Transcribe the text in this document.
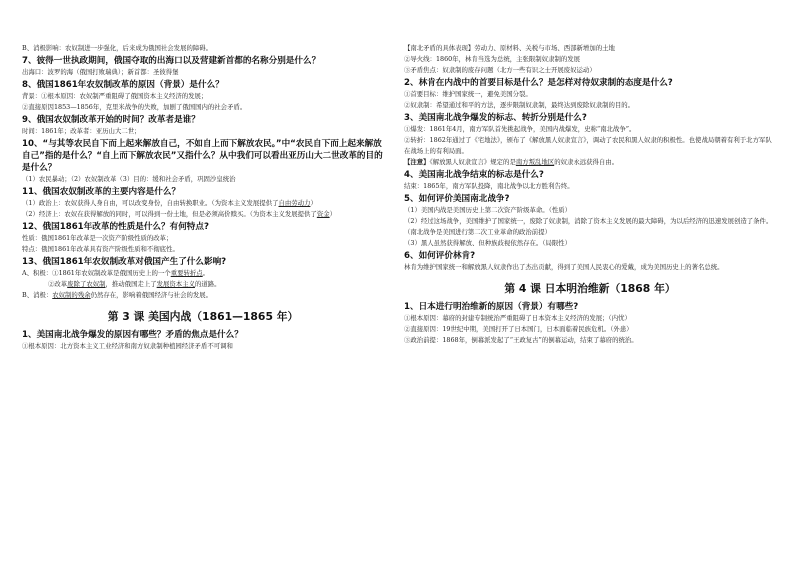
B、消极影响：农奴制进一步强化，后来成为俄国社会发展的障碍。

7、彼得一世执政期间，俄国夺取的出海口以及营建新首都的名称分别是什么？

出海口：波罗的海（俄国打败瑞典）；新首都：圣彼得堡

8、俄国1861年农奴制改革的原因（背景）是什么？

背景：①根本原因：农奴制严重阻碍了俄国资本主义经济的发展；

②直接原因1853—1856年，克里米战争的失败，加剧了俄国国内的社会矛盾。

9、俄国农奴制改革开始的时间？改革者是谁？

时间：1861年；改革者：亚历山大二世；

10、“与其等农民自下而上起来解放自己，不如自上而下解放农民。”中“农民自下而上起来解放自己”指的是什么？“自上而下解放农民”又指什么？从中我们可以看出亚历山大二世改革的目的是什么？

（1）农民暴动；（2）农奴制改革（3）目的：缓和社会矛盾，巩固沙皇统治

11、俄国农奴制改革的主要内容是什么？

（1）政治上：农奴获得人身自由，可以改变身份，自由转换职业。（为资本主义发展提供了自由劳动力）

（2）经济上：农奴在获得解放的同时，可以得到一份土地，但是必须高价赎买。（为资本主义发展提供了资金）

12、俄国1861年改革的性质是什么？有何特点?

性质：俄国1861年改革是一次资产阶级性质的改革；

特点：俄国1861年改革具有资产阶级性质和不彻底性。

13、俄国1861年农奴制改革对俄国产生了什么影响?

A、积极：①1861年农奴制改革是俄国历史上的一个重要转折点。

②改革废除了农奴制，推动俄国走上了发展资本主义的道路。

B、消极：农奴制的残余仍然存在，影响着俄国经济与社会的发展。

第 3 课 美国内战（1861—1865 年）

1、美国南北战争爆发的原因有哪些？矛盾的焦点是什么？

①根本原因：北方资本主义工业经济和南方奴隶制种植园经济矛盾不可调和

【南北矛盾的具体表现】劳动力、原材料、关税与市场、西部新增加的土地

②导火线：1860年，林肯当选为总统，主张限制奴隶制的发展

③矛盾焦点：奴隶制的废存问题（北方一些有识之士开展废奴运动）

2、林肯在内战中的首要目标是什么？是怎样对待奴隶制的态度是什么?

①首要目标：维护国家统一，避免美国分裂。

②奴隶制：希望通过和平的方法，逐步限制奴隶制，最终达到废除奴隶制的目的。

3、美国南北战争爆发的标志、转折分别是什么?

①爆发：1861年4月，南方军队首先挑起战争，美国内战爆发，史称“南北战争”。

②转折：1862年通过了《宅地法》，颁布了《解放黑人奴隶宣言》，调动了农民和黑人奴隶的积极性。也使战局朝着有利于北方军队在战场上的有利局面。

【注意】《解放黑人奴隶宣言》规定的是南方叛乱地区的奴隶永远获得自由。

4、美国南北战争结束的标志是什么?

结束：1865年，南方军队投降，南北战争以北方胜利告终。

5、如何评价美国南北战争?

（1）美国内战是美国历史上第二次资产阶级革命。（性质）

（2）经过这场战争，美国维护了国家统一，废除了奴隶制，消除了资本主义发展的最大障碍，为以后经济的迅速发展创造了条件。（南北战争是美国进行第二次工业革命的政治前提）

（3）黑人虽然获得解放、但种族歧视依然存在。（局限性）

6、如何评价林肯?

林肯为维护国家统一和解放黑人奴隶作出了杰出贡献，得到了美国人民衷心的爱戴，成为美国历史上的著名总统。

第 4 课 日本明治维新（1868 年）

1、日本进行明治维新的原因（背景）有哪些?

①根本原因：幕府的封建专制统治严重阻碍了日本资本主义经济的发展；（内忧）

②直接原因：19世纪中期，美国打开了日本国门，日本面临着民族危机。（外患）

③政治前提：1868年，倒幕派发起了“王政复古”的倒幕运动，结束了幕府的统治。
